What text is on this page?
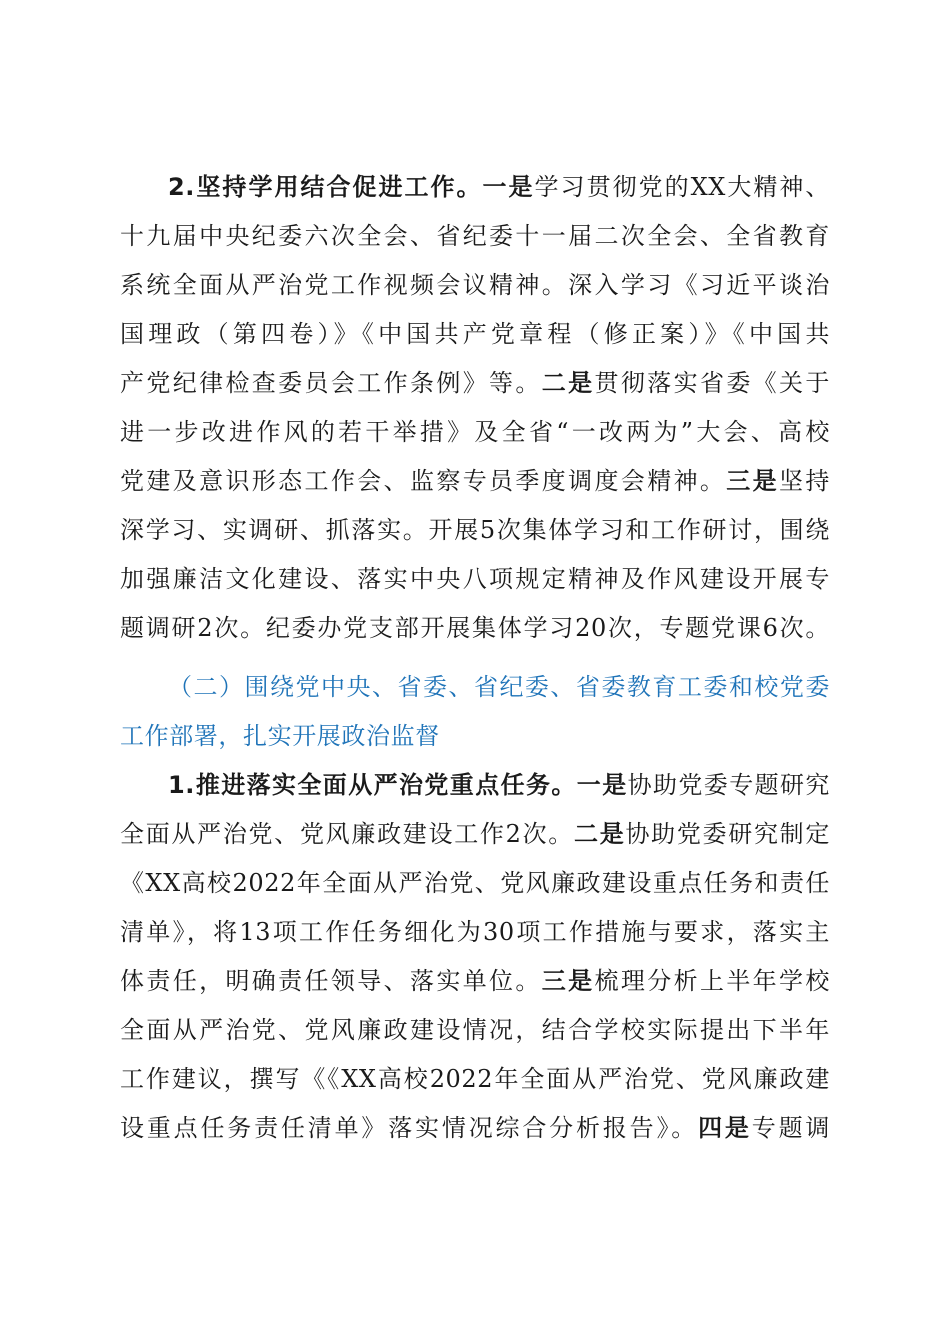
2.坚持学用结合促进工作。一是学习贯彻党的XX大精神、
十九届中央纪委六次全会、省纪委十一届二次全会、全省教育
系统全面从严治党工作视频会议精神。深入学习《习近平谈治
国理政（第四卷）》《中国共产党章程（修正案）》《中国共
产党纪律检查委员会工作条例》等。二是贯彻落实省委《关于
进一步改进作风的若干举措》及全省“一改两为”大会、高校
党建及意识形态工作会、监察专员季度调度会精神。三是坚持
深学习、实调研、抓落实。开展5次集体学习和工作研讨，围绕
加强廉洁文化建设、落实中央八项规定精神及作风建设开展专
题调研2次。纪委办党支部开展集体学习20次，专题党课6次。
（二）围绕党中央、省委、省纪委、省委教育工委和校党委
工作部署，扎实开展政治监督
1.推进落实全面从严治党重点任务。一是协助党委专题研究
全面从严治党、党风廉政建设工作2次。二是协助党委研究制定
《XX高校2022年全面从严治党、党风廉政建设重点任务和责任
清单》，将13项工作任务细化为30项工作措施与要求，落实主
体责任，明确责任领导、落实单位。三是梳理分析上半年学校
全面从严治党、党风廉政建设情况，结合学校实际提出下半年
工作建议，撰写《《XX高校2022年全面从严治党、党风廉政建
设重点任务责任清单》落实情况综合分析报告》。四是专题调
